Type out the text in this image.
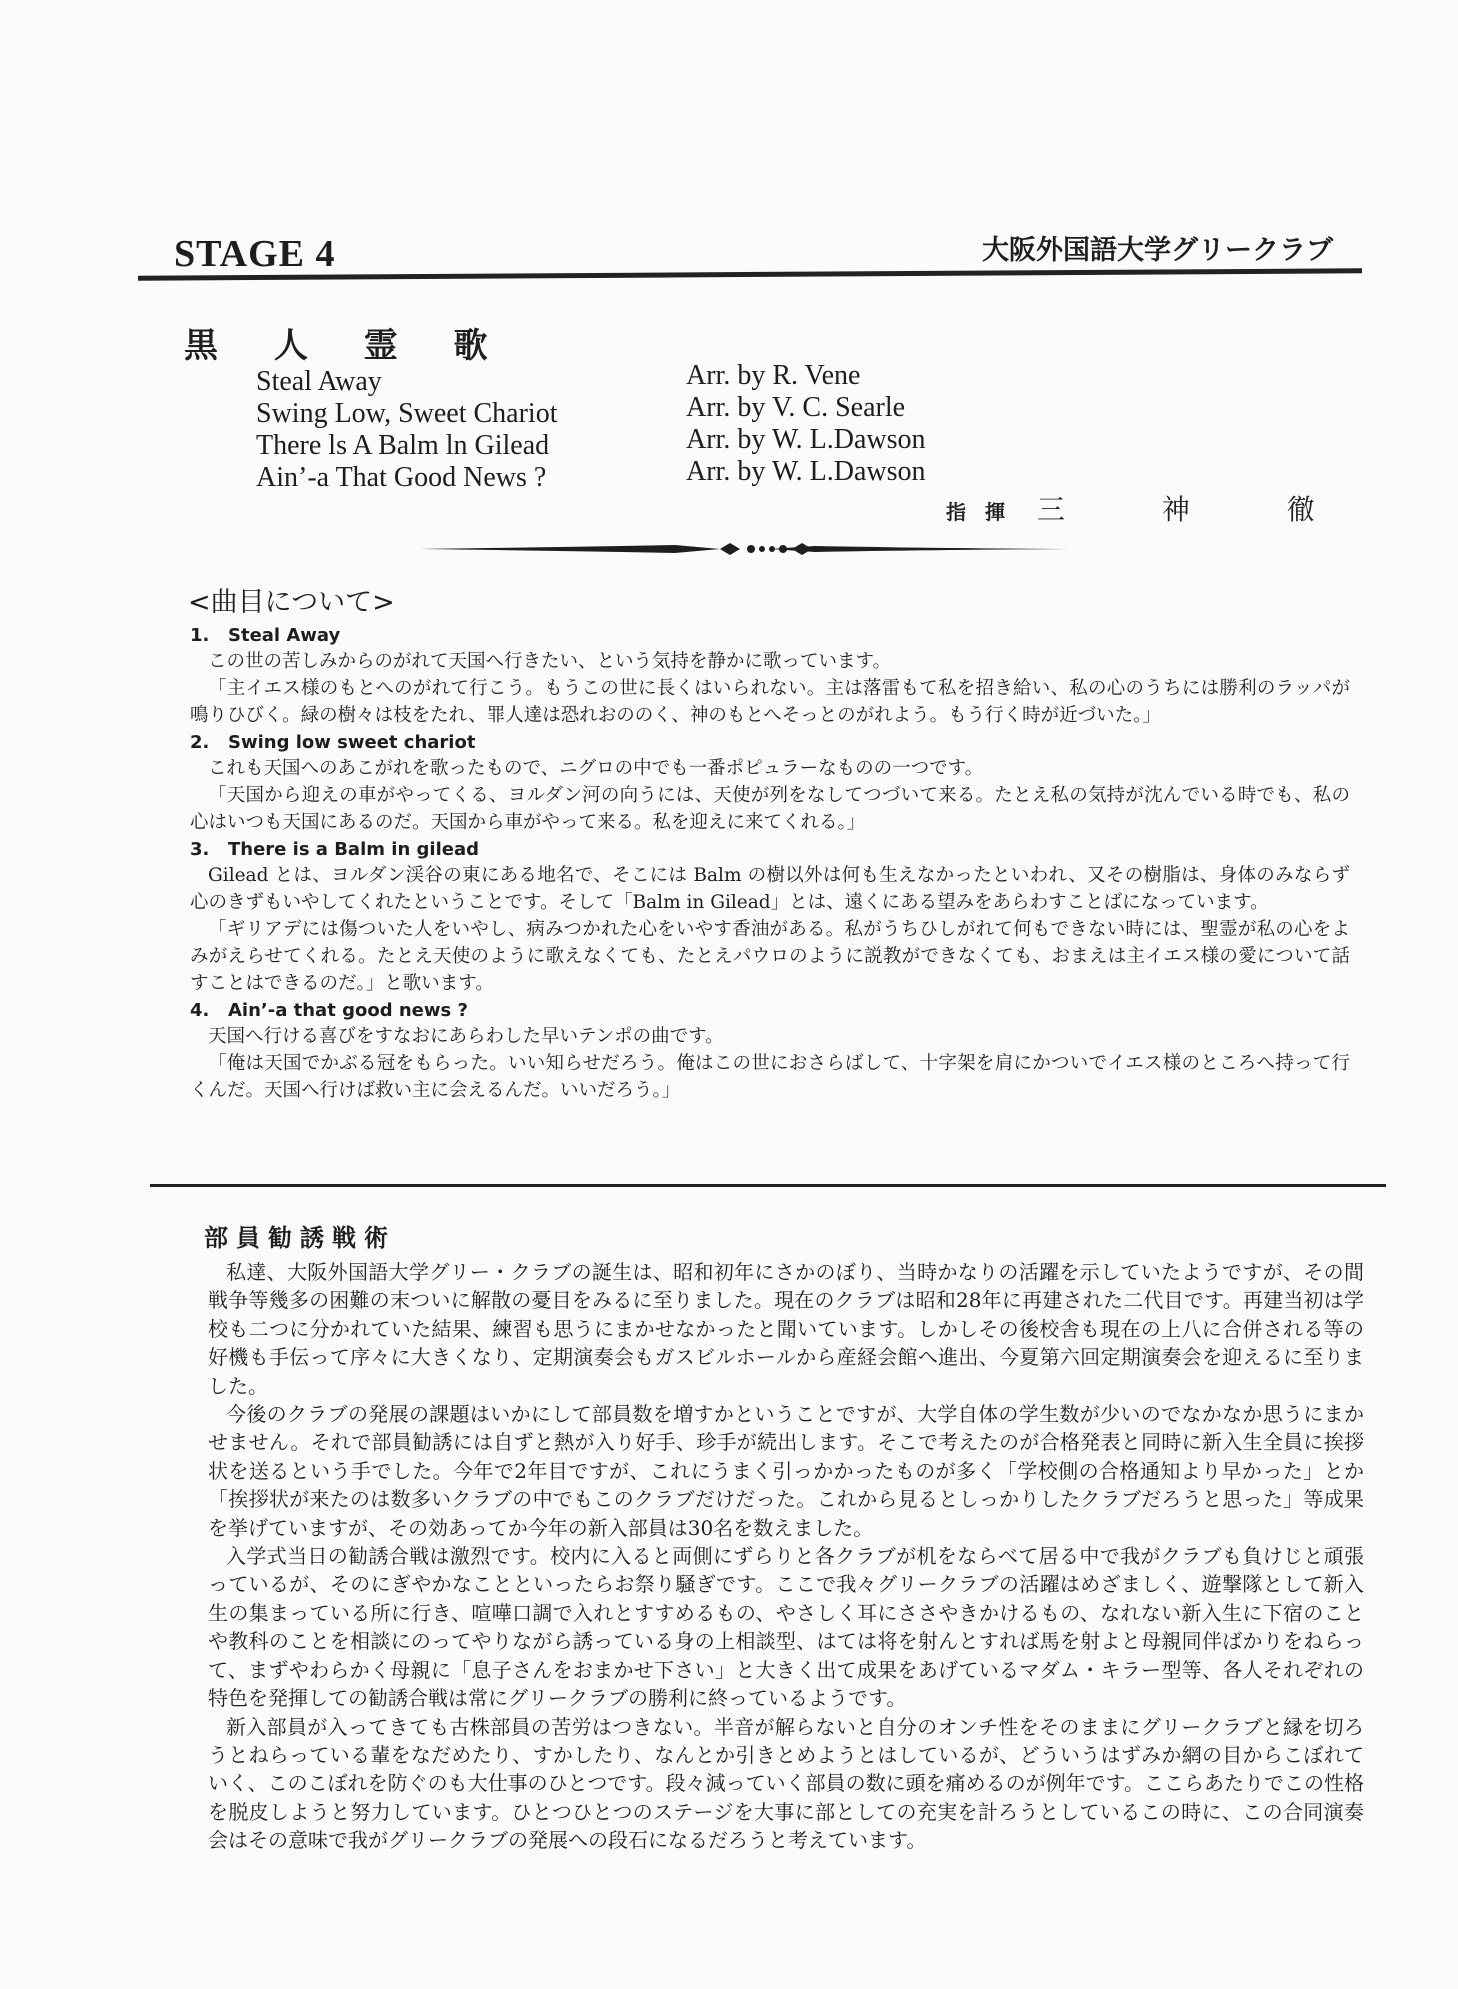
STAGE 4	大阪外国語大学グリークラブ
黒 人 霊 歌
Steal Away
Swing Low, Sweet Chariot
There ls A Balm ln Gilead
Ain’-a That Good News ?
Arr. by R. Vene
Arr. by V. C. Searle
Arr. by W. L.Dawson
Arr. by W. L.Dawson
指 揮 三 神 徹
<曲目について>
1. Steal Away

この世の苦しみからのがれて天国へ行きたい、という気持を静かに歌っています。

「主イエス様のもとへのがれて行こう。もうこの世に長くはいられない。主は落雷もて私を招き給い、私の心のうちには勝利のラッパが鳴りひびく。緑の樹々は枝をたれ、罪人達は恐れおののく、神のもとへそっとのがれよう。もう行く時が近づいた。」

2. Swing low sweet chariot

これも天国へのあこがれを歌ったもので、ニグロの中でも一番ポピュラーなものの一つです。

「天国から迎えの車がやってくる、ヨルダン河の向うには、天使が列をなしてつづいて来る。たとえ私の気持が沈んでいる時でも、私の心はいつも天国にあるのだ。天国から車がやって来る。私を迎えに来てくれる。」

3. There is a Balm in gilead

Gilead とは、ヨルダン渓谷の東にある地名で、そこには Balm の樹以外は何も生えなかったといわれ、又その樹脂は、身体のみならず心のきずもいやしてくれたということです。そして「Balm in Gilead」とは、遠くにある望みをあらわすことばになっています。

「ギリアデには傷ついた人をいやし、病みつかれた心をいやす香油がある。私がうちひしがれて何もできない時には、聖霊が私の心をよみがえらせてくれる。たとえ天使のように歌えなくても、たとえパウロのように説教ができなくても、おまえは主イエス様の愛について話すことはできるのだ。」と歌います。

4. Ain’-a that good news ?

天国へ行ける喜びをすなおにあらわした早いテンポの曲です。

「俺は天国でかぶる冠をもらった。いい知らせだろう。俺はこの世におさらばして、十字架を肩にかついでイエス様のところへ持って行くんだ。天国へ行けば救い主に会えるんだ。いいだろう。」

部員勧誘戦術

私達、大阪外国語大学グリー・クラブの誕生は、昭和初年にさかのぼり、当時かなりの活躍を示していたようですが、その間戦争等幾多の困難の末ついに解散の憂目をみるに至りました。現在のクラブは昭和28年に再建された二代目です。再建当初は学校も二つに分かれていた結果、練習も思うにまかせなかったと聞いています。しかしその後校舎も現在の上八に合併される等の好機も手伝って序々に大きくなり、定期演奏会もガスビルホールから産経会館へ進出、今夏第六回定期演奏会を迎えるに至りました。

今後のクラブの発展の課題はいかにして部員数を増すかということですが、大学自体の学生数が少いのでなかなか思うにまかせません。それで部員勧誘には自ずと熱が入り好手、珍手が続出します。そこで考えたのが合格発表と同時に新入生全員に挨拶状を送るという手でした。今年で2年目ですが、これにうまく引っかかったものが多く「学校側の合格通知より早かった」とか「挨拶状が来たのは数多いクラブの中でもこのクラブだけだった。これから見るとしっかりしたクラブだろうと思った」等成果を挙げていますが、その効あってか今年の新入部員は30名を数えました。

入学式当日の勧誘合戦は激烈です。校内に入ると両側にずらりと各クラブが机をならべて居る中で我がクラブも負けじと頑張っているが、そのにぎやかなことといったらお祭り騒ぎです。ここで我々グリークラブの活躍はめざましく、遊撃隊として新入生の集まっている所に行き、喧嘩口調で入れとすすめるもの、やさしく耳にささやきかけるもの、なれない新入生に下宿のことや教科のことを相談にのってやりながら誘っている身の上相談型、はては将を射んとすれば馬を射よと母親同伴ばかりをねらって、まずやわらかく母親に「息子さんをおまかせ下さい」と大きく出て成果をあげているマダム・キラー型等、各人それぞれの特色を発揮しての勧誘合戦は常にグリークラブの勝利に終っているようです。

新入部員が入ってきても古株部員の苦労はつきない。半音が解らないと自分のオンチ性をそのままにグリークラブと縁を切ろうとねらっている輩をなだめたり、すかしたり、なんとか引きとめようとはしているが、どういうはずみか網の目からこぼれていく、このこぼれを防ぐのも大仕事のひとつです。段々減っていく部員の数に頭を痛めるのが例年です。ここらあたりでこの性格を脱皮しようと努力しています。ひとつひとつのステージを大事に部としての充実を計ろうとしているこの時に、この合同演奏会はその意味で我がグリークラブの発展への段石になるだろうと考えています。
